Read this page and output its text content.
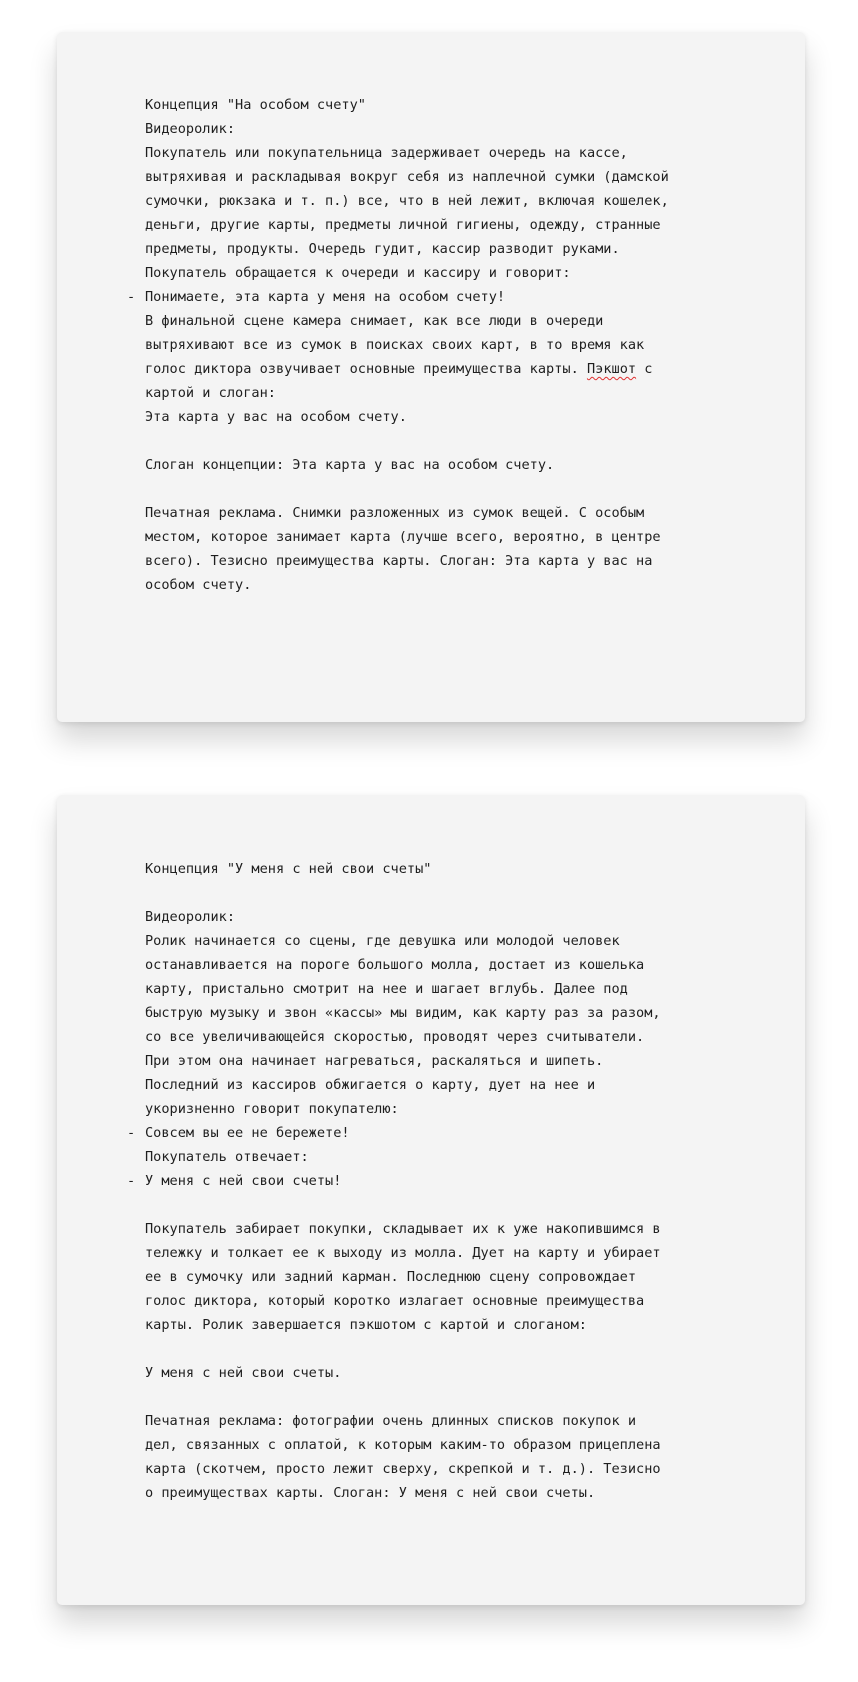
Концепция "На особом счету"
Видеоролик:
Покупатель или покупательница задерживает очередь на кассе,
вытряхивая и раскладывая вокруг себя из наплечной сумки (дамской
сумочки, рюкзака и т. п.) все, что в ней лежит, включая кошелек,
деньги, другие карты, предметы личной гигиены, одежду, странные
предметы, продукты. Очередь гудит, кассир разводит руками.
Покупатель обращается к очереди и кассиру и говорит:
- Понимаете, эта карта у меня на особом счету!
В финальной сцене камера снимает, как все люди в очереди
вытряхивают все из сумок в поисках своих карт, в то время как
голос диктора озвучивает основные преимущества карты. Пэкшот с
картой и слоган:
Эта карта у вас на особом счету.
Слоган концепции: Эта карта у вас на особом счету.
Печатная реклама. Снимки разложенных из сумок вещей. С особым
местом, которое занимает карта (лучше всего, вероятно, в центре
всего). Тезисно преимущества карты. Слоган: Эта карта у вас на
особом счету.
Концепция "У меня с ней свои счеты"
Видеоролик:
Ролик начинается со сцены, где девушка или молодой человек
останавливается на пороге большого молла, достает из кошелька
карту, пристально смотрит на нее и шагает вглубь. Далее под
быструю музыку и звон «кассы» мы видим, как карту раз за разом,
со все увеличивающейся скоростью, проводят через считыватели.
При этом она начинает нагреваться, раскаляться и шипеть.
Последний из кассиров обжигается о карту, дует на нее и
укоризненно говорит покупателю:
- Совсем вы ее не бережете!
Покупатель отвечает:
- У меня с ней свои счеты!
Покупатель забирает покупки, складывает их к уже накопившимся в
тележку и толкает ее к выходу из молла. Дует на карту и убирает
ее в сумочку или задний карман. Последнюю сцену сопровождает
голос диктора, который коротко излагает основные преимущества
карты. Ролик завершается пэкшотом с картой и слоганом:
У меня с ней свои счеты.
Печатная реклама: фотографии очень длинных списков покупок и
дел, связанных с оплатой, к которым каким-то образом прицеплена
карта (скотчем, просто лежит сверху, скрепкой и т. д.). Тезисно
о преимуществах карты. Слоган: У меня с ней свои счеты.
